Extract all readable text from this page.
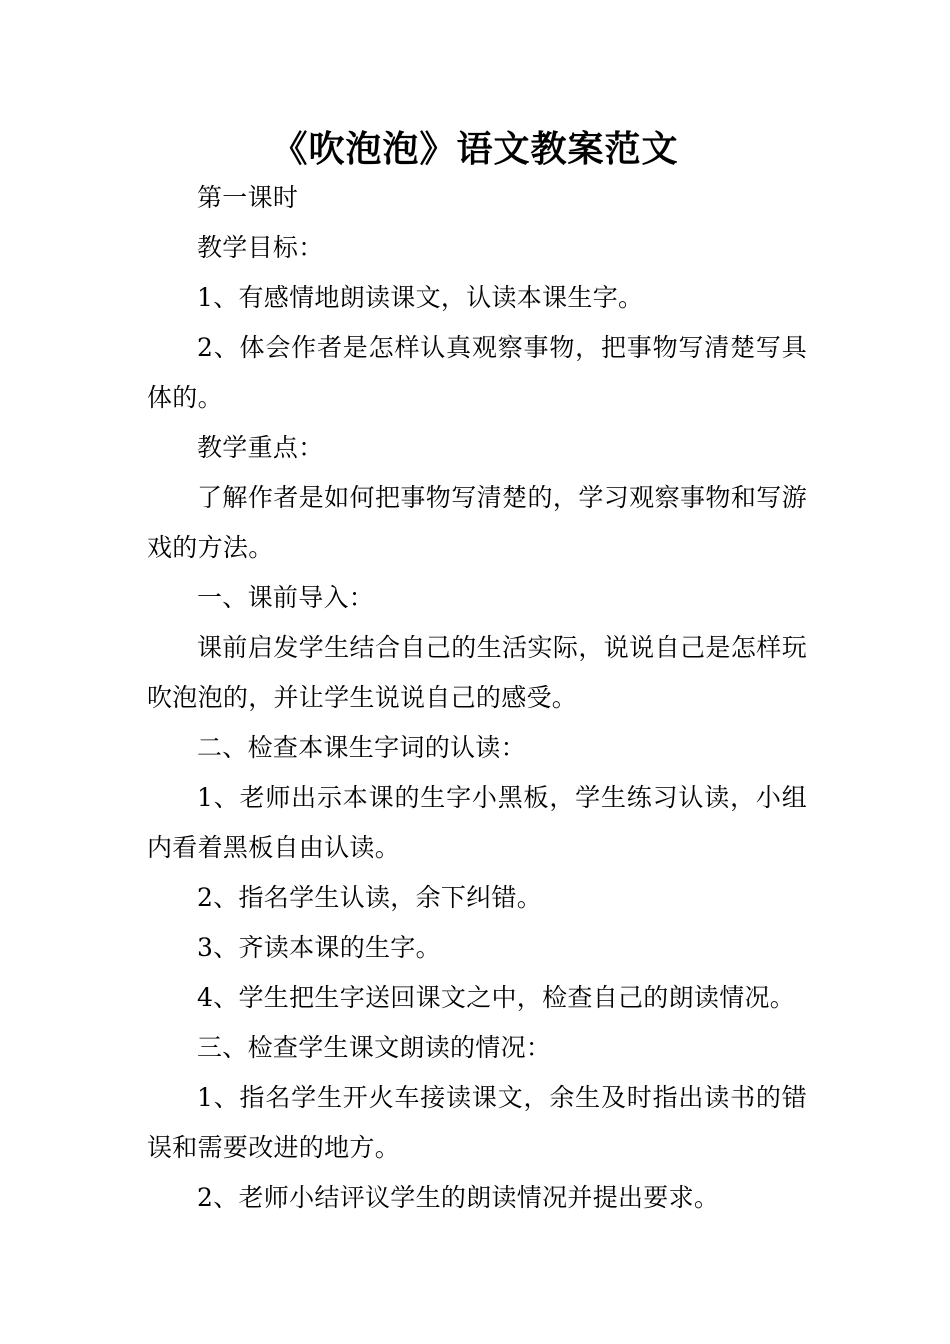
《吹泡泡》语文教案范文

第一课时

教学目标：

1、有感情地朗读课文，认读本课生字。

2、体会作者是怎样认真观察事物，把事物写清楚写具体的。

教学重点：

了解作者是如何把事物写清楚的，学习观察事物和写游戏的方法。

一、课前导入：

课前启发学生结合自己的生活实际，说说自己是怎样玩吹泡泡的，并让学生说说自己的感受。

二、检查本课生字词的认读：

1、老师出示本课的生字小黑板，学生练习认读，小组内看着黑板自由认读。

2、指名学生认读，余下纠错。

3、齐读本课的生字。

4、学生把生字送回课文之中，检查自己的朗读情况。

三、检查学生课文朗读的情况：

1、指名学生开火车接读课文，余生及时指出读书的错误和需要改进的地方。

2、老师小结评议学生的朗读情况并提出要求。
